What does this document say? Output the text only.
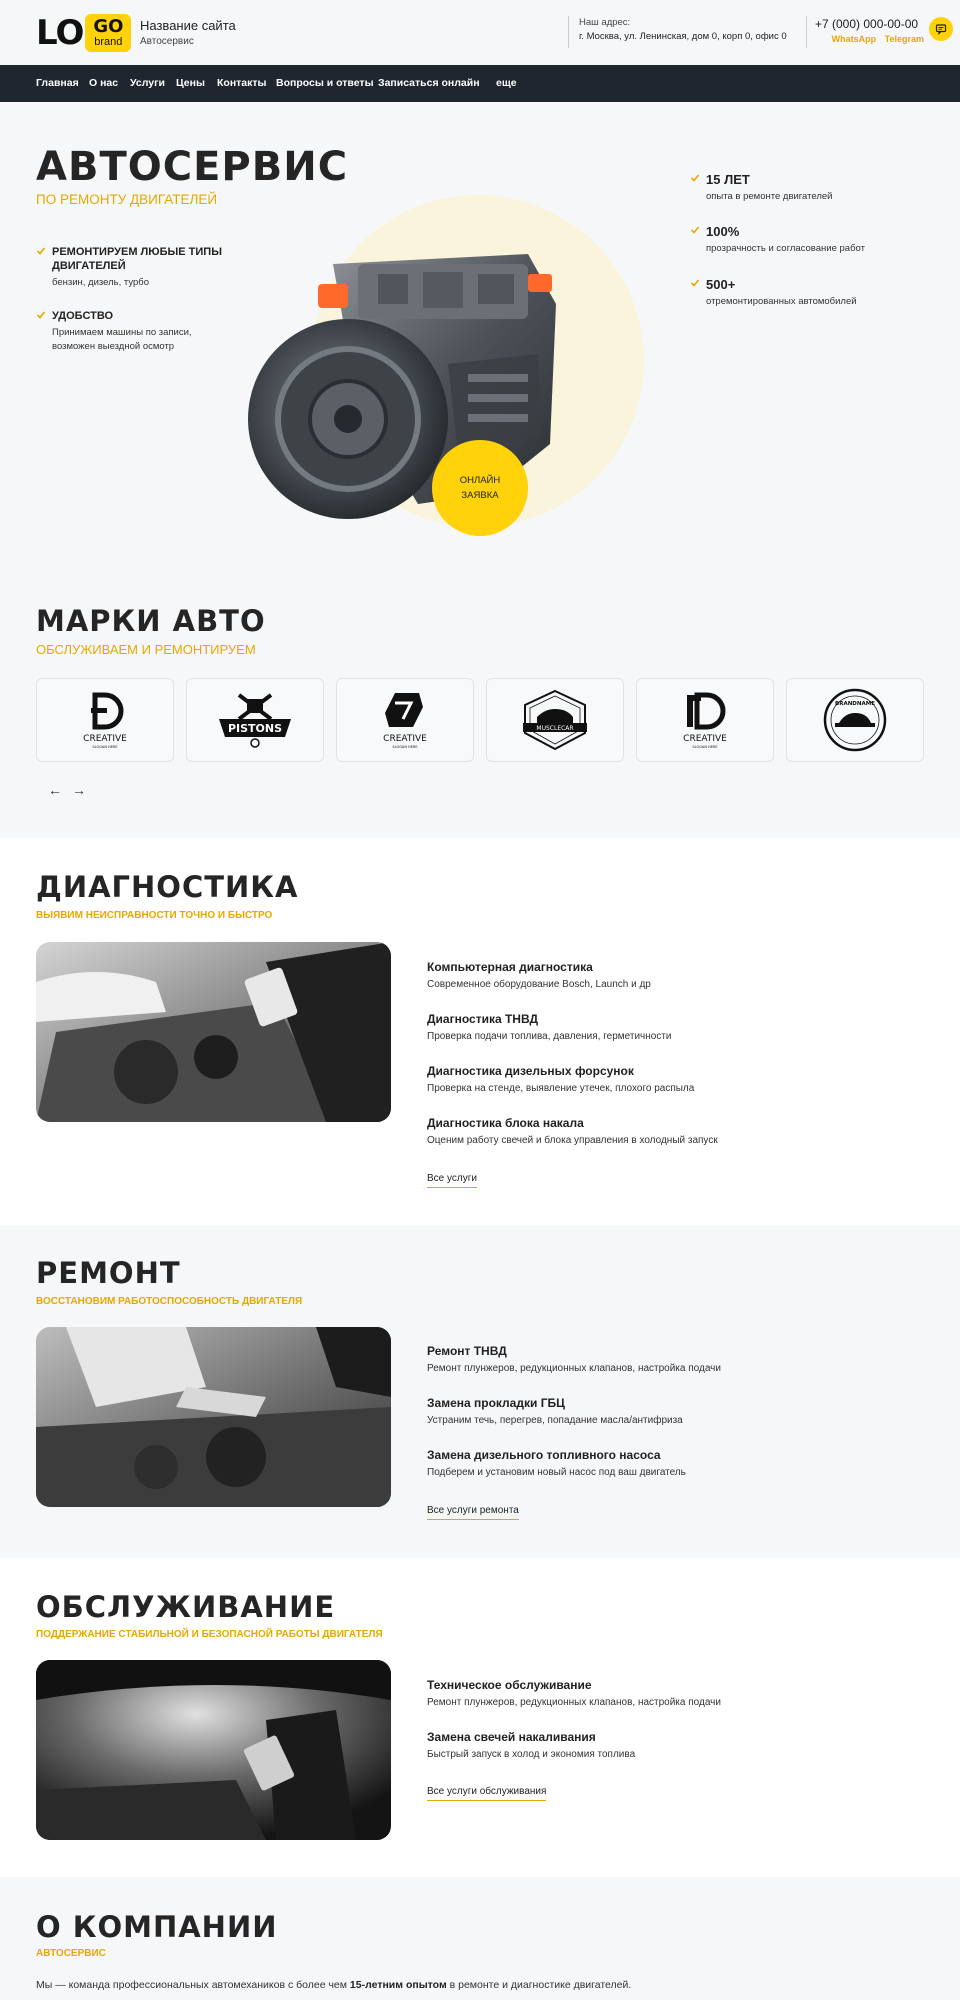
LO GO
brand
Название сайта
Автосервис
Наш адрес:
г. Москва, ул. Ленинская, дом 0, корп 0, офис 0
+7 (000) 000-00-00
WhatsApp Telegram
Главная О нас Услуги Цены Контакты Вопросы и ответы Записаться онлайн еще
АВТОСЕРВИС
ПО РЕМОНТУ ДВИГАТЕЛЕЙ
РЕМОНТИРУЕМ ЛЮБЫЕ ТИПЫ ДВИГАТЕЛЕЙ
бензин, дизель, турбо
УДОБСТВО
Принимаем машины по записи, возможен выездной осмотр
ОНЛАЙН
ЗАЯВКА
15 ЛЕТ
опыта в ремонте двигателей
100%
прозрачность и согласование работ
500+
отремонтированных автомобилей
МАРКИ АВТО
ОБСЛУЖИВАЕМ И РЕМОНТИРУЕМ
CREATIVE
SLOGAN HERE
PISTONS
CREATIVE
SLOGAN HERE
MUSCLECAR
CREATIVE
SLOGAN HERE
BRANDNAME
← →
ДИАГНОСТИКА
ВЫЯВИМ НЕИСПРАВНОСТИ ТОЧНО И БЫСТРО
Компьютерная диагностика
Современное оборудование Bosch, Launch и др
Диагностика ТНВД
Проверка подачи топлива, давления, герметичности
Диагностика дизельных форсунок
Проверка на стенде, выявление утечек, плохого распыла
Диагностика блока накала
Оценим работу свечей и блока управления в холодный запуск
Все услуги
РЕМОНТ
ВОССТАНОВИМ РАБОТОСПОСОБНОСТЬ ДВИГАТЕЛЯ
Ремонт ТНВД
Ремонт плунжеров, редукционных клапанов, настройка подачи
Замена прокладки ГБЦ
Устраним течь, перегрев, попадание масла/антифриза
Замена дизельного топливного насоса
Подберем и установим новый насос под ваш двигатель
Все услуги ремонта
ОБСЛУЖИВАНИЕ
ПОДДЕРЖАНИЕ СТАБИЛЬНОЙ И БЕЗОПАСНОЙ РАБОТЫ ДВИГАТЕЛЯ
Техническое обслуживание
Ремонт плунжеров, редукционных клапанов, настройка подачи
Замена свечей накаливания
Быстрый запуск в холод и экономия топлива
Все услуги обслуживания
О КОМПАНИИ
АВТОСЕРВИС
Мы — команда профессиональных автомехаников с более чем 15-летним опытом в ремонте и диагностике двигателей.
